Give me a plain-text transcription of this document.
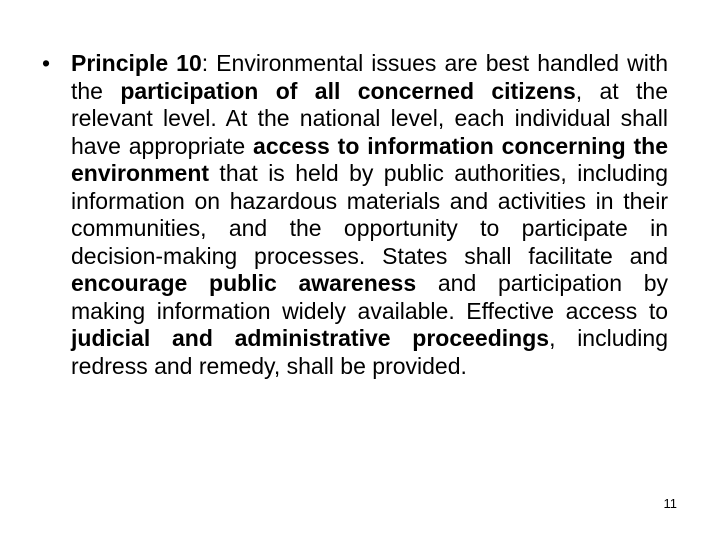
• Principle 10: Environmental issues are best handled with the participation of all concerned citizens, at the relevant level. At the national level, each individual shall have appropriate access to information concerning the environment that is held by public authorities, including information on hazardous materials and activities in their communities, and the opportunity to participate in decision-making processes. States shall facilitate and encourage public awareness and participation by making information widely available. Effective access to judicial and administrative proceedings, including redress and remedy, shall be provided.
11
